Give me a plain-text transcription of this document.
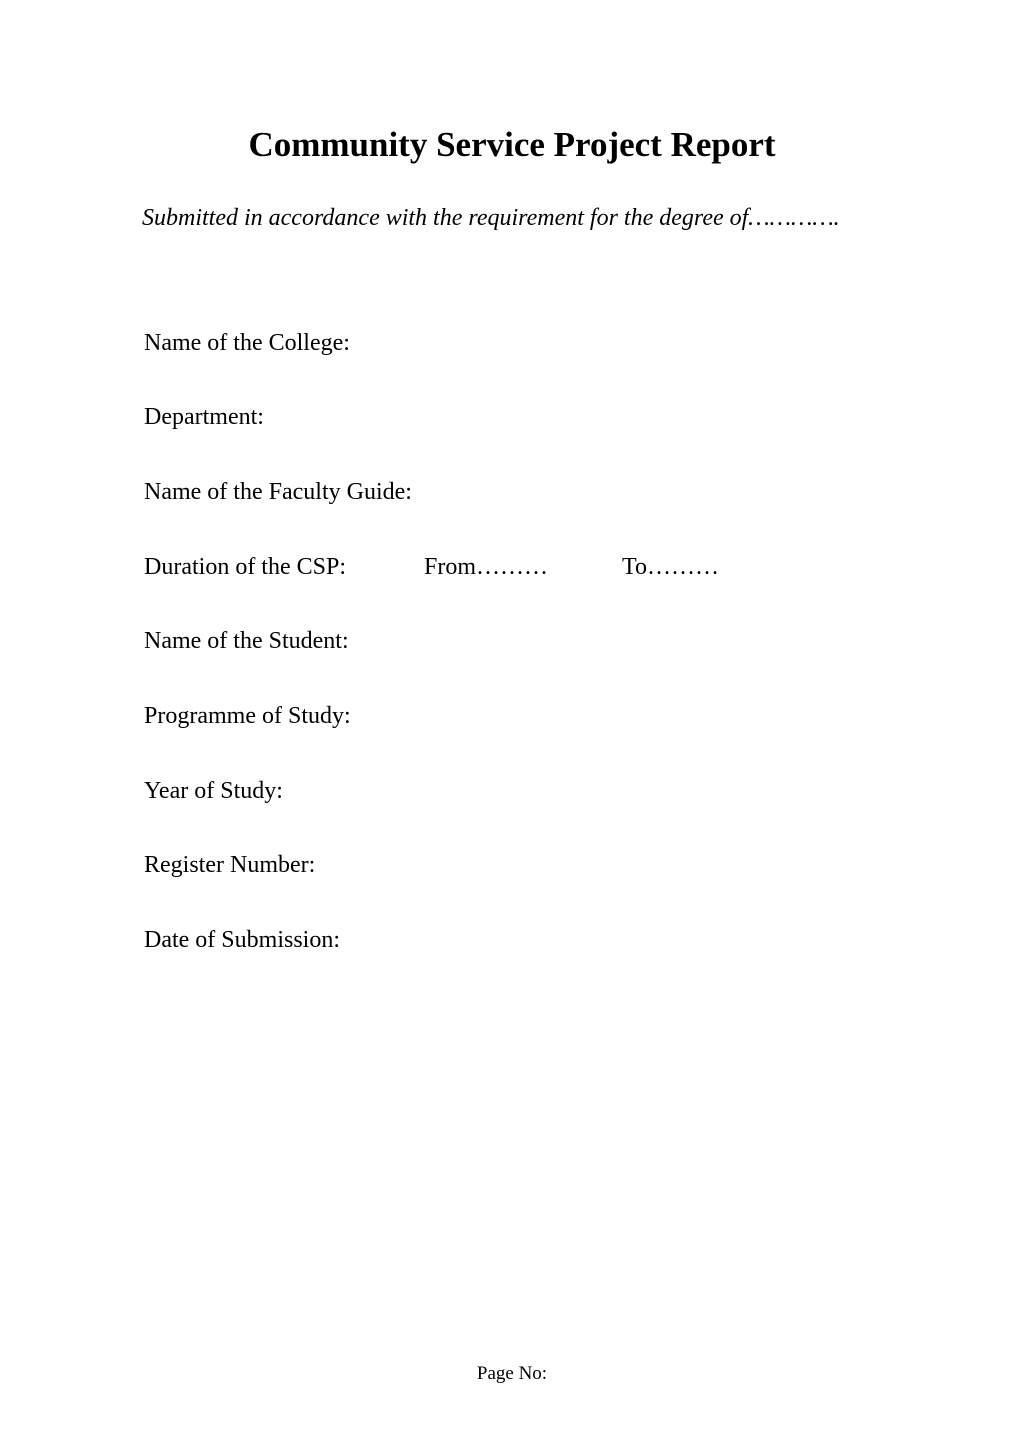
Community Service Project Report
Submitted in accordance with the requirement for the degree of………….
Name of the College:
Department:
Name of the Faculty Guide:
Duration of the CSP:	From………	To………
Name of the Student:
Programme of Study:
Year of Study:
Register Number:
Date of Submission:
Page No:
